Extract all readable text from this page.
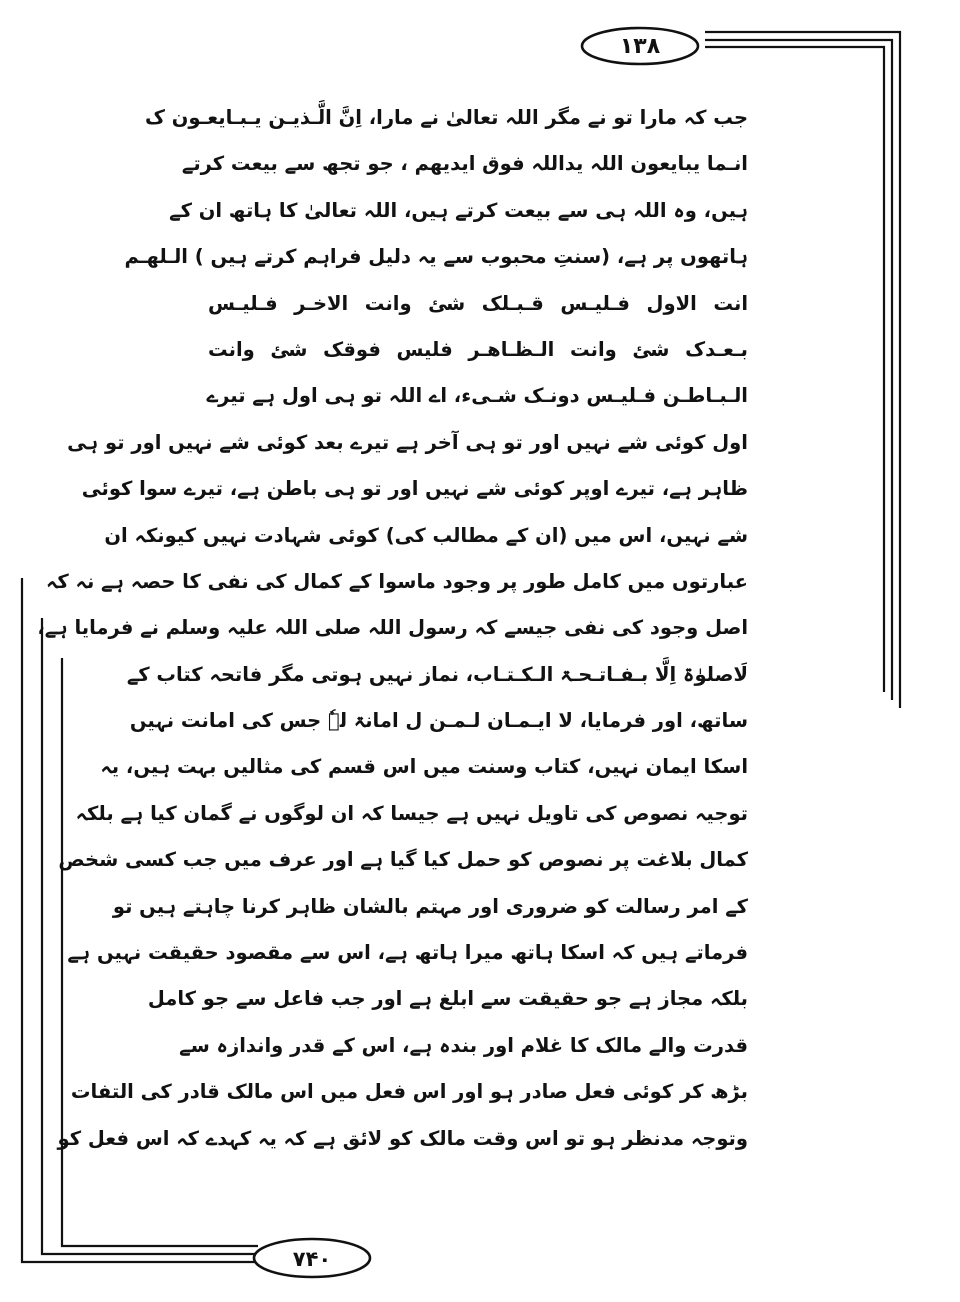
۱۳۸
۷۴۰
جب کہ مارا تو نے مگر اللہ تعالیٰ نے مارا، اِنَّ الَّـذیـن یـبـایعـون ک
انـما یبایعون اللہ یداللہ فوق ایدیھم ، جو تجھ سے بیعت کرتے
ہیں، وہ اللہ ہی سے بیعت کرتے ہیں، اللہ تعالیٰ کا ہاتھ ان کے
ہاتھوں پر ہے، (سنتِ محبوب سے یہ دلیل فراہم کرتے ہیں ) الـلھـم
انت الاول فـلیـس قـبـلک شئ وانت الاخـر فـلیـس
بـعـدک شئ وانت الـظـاھـر فلیس فوقک شئ وانت
الـبـاطـن فـلیـس دونـک شـیء، اے اللہ تو ہی اول ہے تیرے
اول کوئی شے نہیں اور تو ہی آخر ہے تیرے بعد کوئی شے نہیں اور تو ہی
ظاہر ہے، تیرے اوپر کوئی شے نہیں اور تو ہی باطن ہے، تیرے سوا کوئی
شے نہیں، اس میں (ان کے مطالب کی) کوئی شہادت نہیں کیونکہ ان
عبارتوں میں کامل طور پر وجود ماسوا کے کمال کی نفی کا حصہ ہے نہ کہ
اصل وجود کی نفی جیسے کہ رسول اللہ صلی اللہ علیہ وسلم نے فرمایا ہے،
لَاصلوٰۃ اِلَّا بـفـاتـحـۃ الـکـتـاب، نماز نہیں ہوتی مگر فاتحہ کتاب کے
ساتھ، اور فرمایا، لا ایـمـان لـمـن ل امانۃ لہٗ جس کی امانت نہیں
اسکا ایمان نہیں، کتاب وسنت میں اس قسم کی مثالیں بہت ہیں، یہ
توجیہ نصوص کی تاویل نہیں ہے جیسا کہ ان لوگوں نے گمان کیا ہے بلکہ
کمال بلاغت پر نصوص کو حمل کیا گیا ہے اور عرف میں جب کسی شخص
کے امر رسالت کو ضروری اور مہتم بالشان ظاہر کرنا چاہتے ہیں تو
فرماتے ہیں کہ اسکا ہاتھ میرا ہاتھ ہے، اس سے مقصود حقیقت نہیں ہے
بلکہ مجاز ہے جو حقیقت سے ابلغ ہے اور جب فاعل سے جو کامل
قدرت والے مالک کا غلام اور بندہ ہے، اس کے قدر واندازہ سے
بڑھ کر کوئی فعل صادر ہو اور اس فعل میں اس مالک قادر کی التفات
وتوجہ مدنظر ہو تو اس وقت مالک کو لائق ہے کہ یہ کہدے کہ اس فعل کو
